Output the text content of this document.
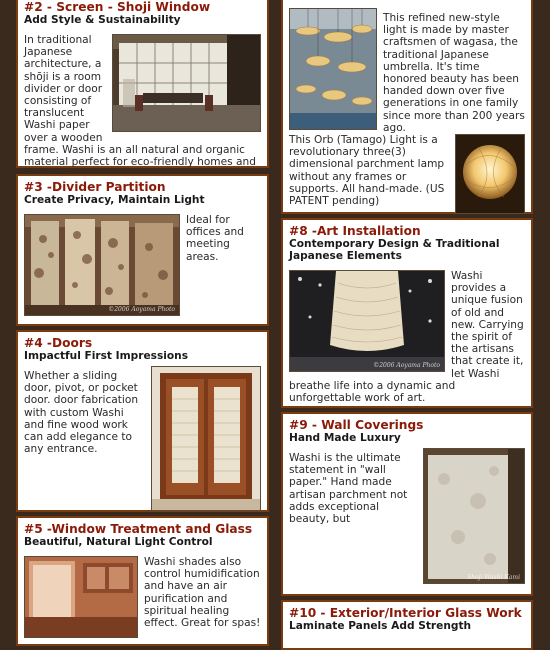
#2 - Screen - Shoji Window
Add Style & Sustainability

In traditional Japanese architecture, a shōji is a room divider or door consisting of translucent Washi paper over a wooden frame. Washi is an all natural and organic material perfect for eco-friendly homes and

#3 -Divider Partition
Create Privacy, Maintain Light
©2006 Aoyama Photo

Ideal for offices and meeting areas.

#4 -Doors
Impactful First Impressions

Whether a sliding door, pivot, or pocket door. door fabrication with custom Washi and fine wood work can add elegance to any entrance.

#5 -Window Treatment and Glass
Beautiful, Natural Light Control

Washi shades also control humidification and have an air purification and spiritual healing effect. Great for spas!

This refined new-style light is made by master craftsmen of wagasa, the traditional Japanese umbrella. It's time honored beauty has been handed down over five generations in one family since more than 200 years ago.

This Orb (Tamago) Light is a revolutionary three(3) dimensional parchment lamp without any frames or supports. All hand-made. (US PATENT pending)

#8 -Art Installation
Contemporary Design & Traditional Japanese Elements
©2006 Aoyama Photo

Washi provides a unique fusion of old and new. Carrying the spirit of the artisans that create it, let Washi breathe life into a dynamic and unforgettable work of art.

#9 - Wall Coverings
Hand Made Luxury
Shoji Washi Kami

Washi is the ultimate statement in "wall paper." Hand made artisan parchment not adds exceptional beauty, but

#10 - Exterior/Interior Glass Work
Laminate Panels Add Strength
